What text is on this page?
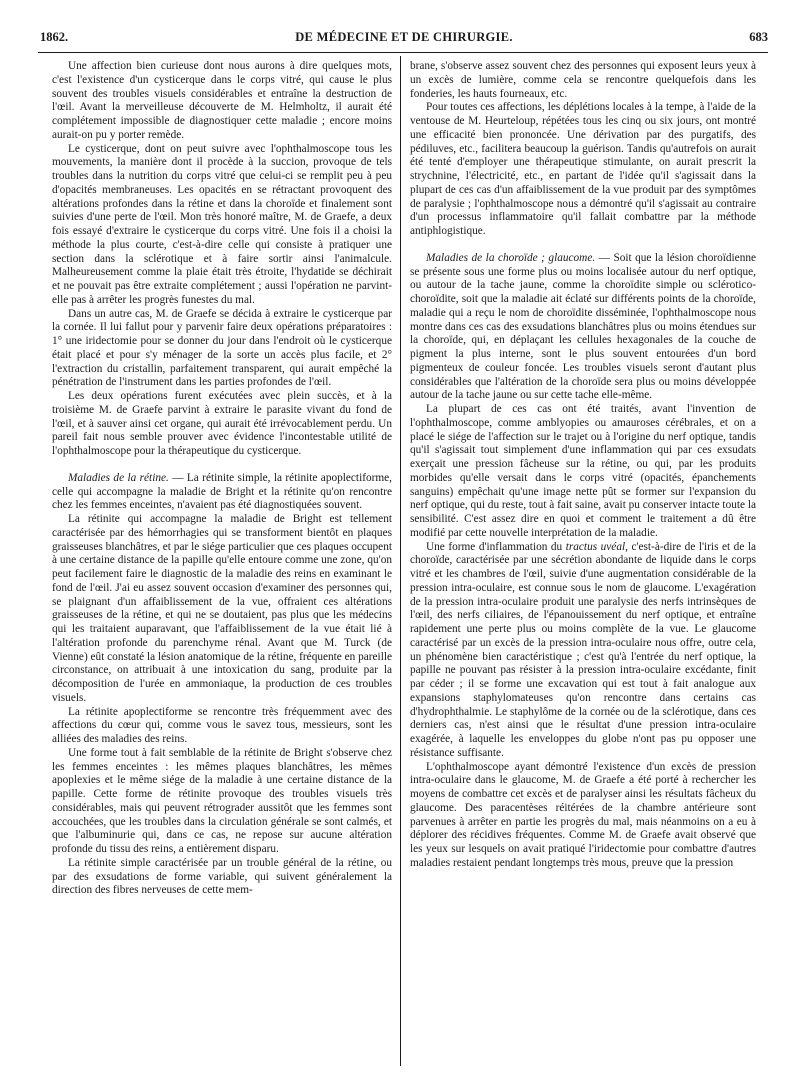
1862.	DE MÉDECINE ET DE CHIRURGIE.	683

Une affection bien curieuse dont nous aurons à dire quelques mots, c'est l'existence d'un cysticerque dans le corps vitré, qui cause le plus souvent des troubles visuels considérables et entraîne la destruction de l'œil. Avant la merveilleuse découverte de M. Helmholtz, il aurait été complétement impossible de diagnostiquer cette maladie ; encore moins aurait-on pu y porter remède.

Le cysticerque, dont on peut suivre avec l'ophthalmoscope tous les mouvements, la manière dont il procède à la succion, provoque de tels troubles dans la nutrition du corps vitré que celui-ci se remplit peu à peu d'opacités membraneuses. Les opacités en se rétractant provoquent des altérations profondes dans la rétine et dans la choroïde et finalement sont suivies d'une perte de l'œil. Mon très honoré maître, M. de Graefe, a deux fois essayé d'extraire le cysticerque du corps vitré. Une fois il a choisi la méthode la plus courte, c'est-à-dire celle qui consiste à pratiquer une section dans la sclérotique et à faire sortir ainsi l'animalcule. Malheureusement comme la plaie était très étroite, l'hydatide se déchirait et ne pouvait pas être extraite complétement ; aussi l'opération ne parvint-elle pas à arrêter les progrès funestes du mal.

Dans un autre cas, M. de Graefe se décida à extraire le cysticerque par la cornée. Il lui fallut pour y parvenir faire deux opérations préparatoires : 1° une iridectomie pour se donner du jour dans l'endroit où le cysticerque était placé et pour s'y ménager de la sorte un accès plus facile, et 2° l'extraction du cristallin, parfaitement transparent, qui aurait empêché la pénétration de l'instrument dans les parties profondes de l'œil.

Les deux opérations furent exécutées avec plein succès, et à la troisième M. de Graefe parvint à extraire le parasite vivant du fond de l'œil, et à sauver ainsi cet organe, qui aurait été irrévocablement perdu. Un pareil fait nous semble prouver avec évidence l'incontestable utilité de l'ophthalmoscope pour la thérapeutique du cysticerque.

Maladies de la rétine. — La rétinite simple, la rétinite apoplectiforme, celle qui accompagne la maladie de Bright et la rétinite qu'on rencontre chez les femmes enceintes, n'avaient pas été diagnostiquées souvent.

La rétinite qui accompagne la maladie de Bright est tellement caractérisée par des hémorrhagies qui se transforment bientôt en plaques graisseuses blanchâtres, et par le siége particulier que ces plaques occupent à une certaine distance de la papille qu'elle entoure comme une zone, qu'on peut facilement faire le diagnostic de la maladie des reins en examinant le fond de l'œil. J'ai eu assez souvent occasion d'examiner des personnes qui, se plaignant d'un affaiblissement de la vue, offraient ces altérations graisseuses de la rétine, et qui ne se doutaient, pas plus que les médecins qui les traitaient auparavant, que l'affaiblissement de la vue était lié à l'altération profonde du parenchyme rénal. Avant que M. Turck (de Vienne) eût constaté la lésion anatomique de la rétine, fréquente en pareille circonstance, on attribuait à une intoxication du sang, produite par la décomposition de l'urée en ammoniaque, la production de ces troubles visuels.

La rétinite apoplectiforme se rencontre très fréquemment avec des affections du cœur qui, comme vous le savez tous, messieurs, sont les alliées des maladies des reins.

Une forme tout à fait semblable de la rétinite de Bright s'observe chez les femmes enceintes : les mêmes plaques blanchâtres, les mêmes apoplexies et le même siége de la maladie à une certaine distance de la papille. Cette forme de rétinite provoque des troubles visuels très considérables, mais qui peuvent rétrograder aussitôt que les femmes sont accouchées, que les troubles dans la circulation générale se sont calmés, et que l'albuminurie qui, dans ce cas, ne repose sur aucune altération profonde du tissu des reins, a entièrement disparu.

La rétinite simple caractérisée par un trouble général de la rétine, ou par des exsudations de forme variable, qui suivent généralement la direction des fibres nerveuses de cette mem-

brane, s'observe assez souvent chez des personnes qui exposent leurs yeux à un excès de lumière, comme cela se rencontre quelquefois dans les fonderies, les hauts fourneaux, etc.

Pour toutes ces affections, les déplétions locales à la tempe, à l'aide de la ventouse de M. Heurteloup, répétées tous les cinq ou six jours, ont montré une efficacité bien prononcée. Une dérivation par des purgatifs, des pédiluves, etc., facilitera beaucoup la guérison. Tandis qu'autrefois on aurait été tenté d'employer une thérapeutique stimulante, on aurait prescrit la strychnine, l'électricité, etc., en partant de l'idée qu'il s'agissait dans la plupart de ces cas d'un affaiblissement de la vue produit par des symptômes de paralysie ; l'ophthalmoscope nous a démontré qu'il s'agissait au contraire d'un processus inflammatoire qu'il fallait combattre par la méthode antiphlogistique.

Maladies de la choroïde ; glaucome. — Soit que la lésion choroïdienne se présente sous une forme plus ou moins localisée autour du nerf optique, ou autour de la tache jaune, comme la choroïdite simple ou sclérotico-choroïdite, soit que la maladie ait éclaté sur différents points de la choroïde, maladie qui a reçu le nom de choroïdite disséminée, l'ophthalmoscope nous montre dans ces cas des exsudations blanchâtres plus ou moins étendues sur la choroïde, qui, en déplaçant les cellules hexagonales de la couche de pigment la plus interne, sont le plus souvent entourées d'un bord pigmenteux de couleur foncée. Les troubles visuels seront d'autant plus considérables que l'altération de la choroïde sera plus ou moins développée autour de la tache jaune ou sur cette tache elle-même.

La plupart de ces cas ont été traités, avant l'invention de l'ophthalmoscope, comme amblyopies ou amauroses cérébrales, et on a placé le siége de l'affection sur le trajet ou à l'origine du nerf optique, tandis qu'il s'agissait tout simplement d'une inflammation qui par ces exsudats exerçait une pression fâcheuse sur la rétine, ou qui, par les produits morbides qu'elle versait dans le corps vitré (opacités, épanchements sanguins) empêchait qu'une image nette pût se former sur l'expansion du nerf optique, qui du reste, tout à fait saine, avait pu conserver intacte toute la sensibilité. C'est assez dire en quoi et comment le traitement a dû être modifié par cette nouvelle interprétation de la maladie.

Une forme d'inflammation du tractus uvéal, c'est-à-dire de l'iris et de la choroïde, caractérisée par une sécrétion abondante de liquide dans le corps vitré et les chambres de l'œil, suivie d'une augmentation considérable de la pression intra-oculaire, est connue sous le nom de glaucome. L'exagération de la pression intra-oculaire produit une paralysie des nerfs intrinsèques de l'œil, des nerfs ciliaires, de l'épanouissement du nerf optique, et entraîne rapidement une perte plus ou moins complète de la vue. Le glaucome caractérisé par un excès de la pression intra-oculaire nous offre, outre cela, un phénomène bien caractéristique ; c'est qu'à l'entrée du nerf optique, la papille ne pouvant pas résister à la pression intra-oculaire excédante, finit par céder ; il se forme une excavation qui est tout à fait analogue aux expansions staphylomateuses qu'on rencontre dans certains cas d'hydrophthalmie. Le staphylôme de la cornée ou de la sclérotique, dans ces derniers cas, n'est ainsi que le résultat d'une pression intra-oculaire exagérée, à laquelle les enveloppes du globe n'ont pas pu opposer une résistance suffisante.

L'ophthalmoscope ayant démontré l'existence d'un excès de pression intra-oculaire dans le glaucome, M. de Graefe a été porté à rechercher les moyens de combattre cet excès et de paralyser ainsi les résultats fâcheux du glaucome. Des paracentèses réitérées de la chambre antérieure sont parvenues à arrêter en partie les progrès du mal, mais néanmoins on a eu à déplorer des récidives fréquentes. Comme M. de Graefe avait observé que les yeux sur lesquels on avait pratiqué l'iridectomie pour combattre d'autres maladies restaient pendant longtemps très mous, preuve que la pression
